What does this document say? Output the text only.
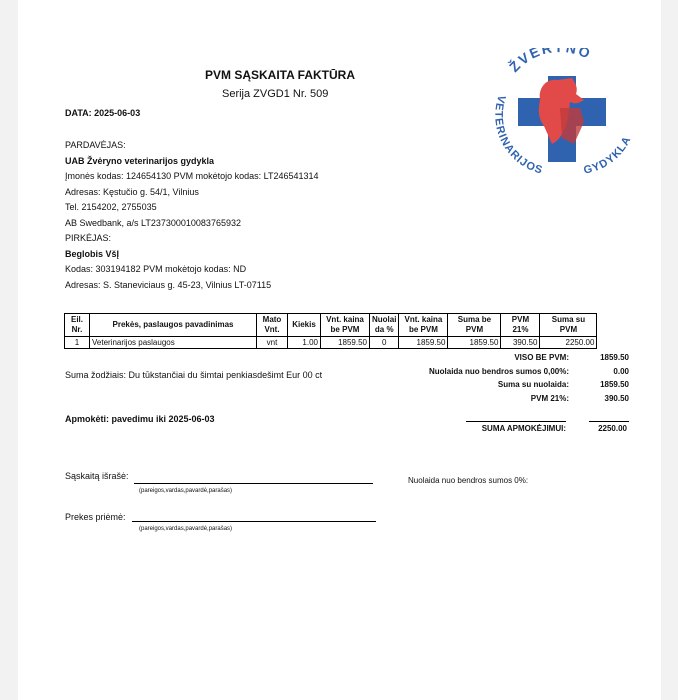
PVM SĄSKAITA FAKTŪRA
Serija ZVGD1 Nr. 509
DATA: 2025-06-03
ŽVĖR NO
VETERINARIJOS	GYDYKLA
PARDAVĖJAS:
UAB Žvėryno veterinarijos gydykla
Įmonės kodas: 124654130 PVM mokėtojo kodas: LT246541314
Adresas: Kęstučio g. 54/1, Vilnius
Tel. 2154202, 2755035
AB Swedbank, a/s LT237300010083765932
PIRKĖJAS:
Beglobis VšĮ
Kodas: 303194182 PVM mokėtojo kodas: ND
Adresas: S. Staneviciaus g. 45-23, Vilnius LT-07115
Eil. Nr.	Prekės, paslaugos pavadinimas	Mato Vnt.	Kiekis	Vnt. kaina be PVM	Nuolai da %	Vnt. kaina be PVM	Suma be PVM	PVM 21%	Suma su PVM
1	Veterinarijos paslaugos	vnt	1.00	1859.50	0	1859.50	1859.50	390.50	2250.00
VISO BE PVM:	1859.50
Nuolaida nuo bendros sumos 0,00%:	0.00
Suma su nuolaida:	1859.50
PVM 21%:	390.50
SUMA APMOKĖJIMUI:	2250.00
Suma žodžiais: Du tūkstančiai du šimtai penkiasdešimt Eur 00 ct
Apmokėti: pavedimu iki 2025-06-03
Sąskaitą išrašė:
(pareigos,vardas,pavardė,parašas)
Nuolaida nuo bendros sumos 0%:
Prekes priėmė:
(pareigos,vardas,pavardė,parašas)
